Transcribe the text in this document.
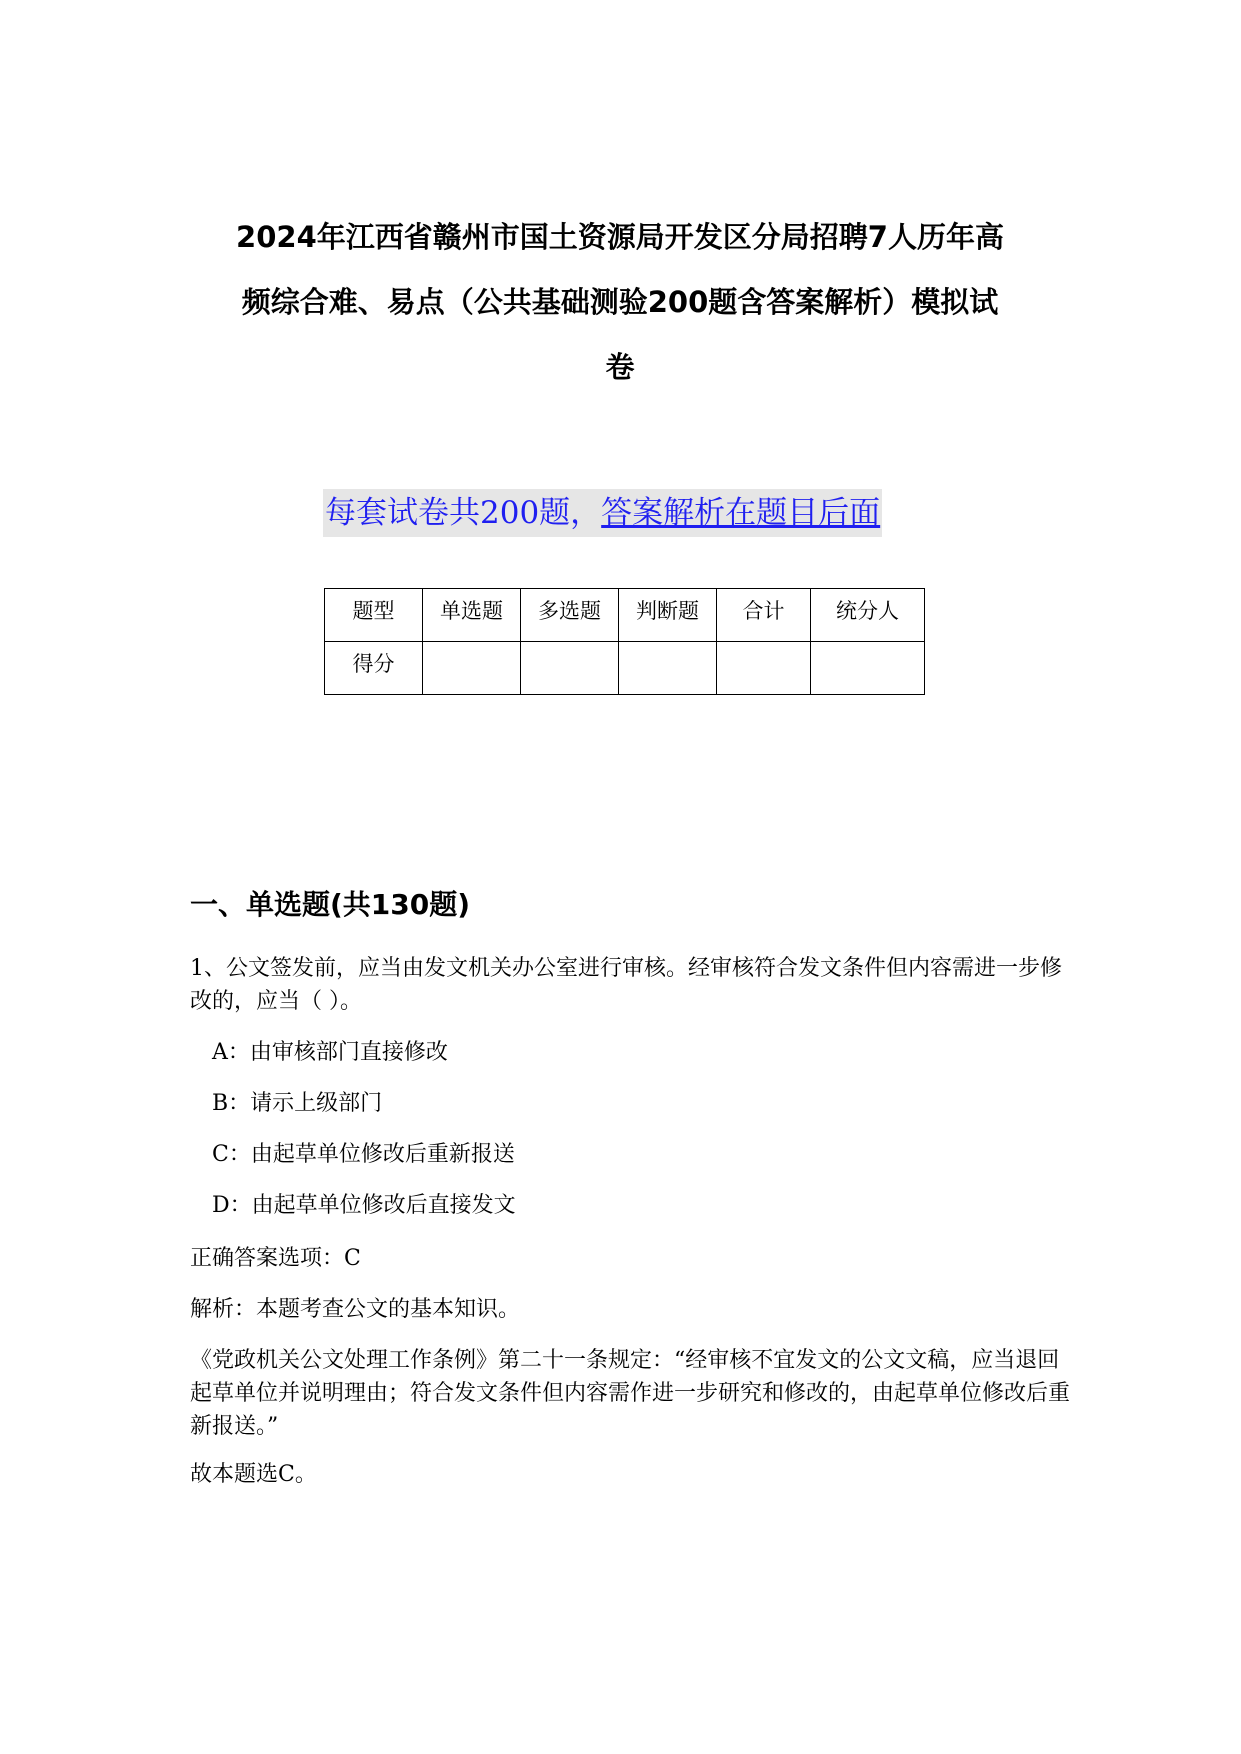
2024年江西省赣州市国土资源局开发区分局招聘7人历年高
频综合难、易点（公共基础测验200题含答案解析）模拟试
卷
每套试卷共200题，答案解析在题目后面
题型	单选题	多选题	判断题	合计	统分人
得分					
一、单选题(共130题)

1、公文签发前，应当由发文机关办公室进行审核。经审核符合发文条件但内容需进一步修改的，应当（ ）。

A：由审核部门直接修改

B：请示上级部门

C：由起草单位修改后重新报送

D：由起草单位修改后直接发文

正确答案选项：C

解析：本题考查公文的基本知识。

《党政机关公文处理工作条例》第二十一条规定：“经审核不宜发文的公文文稿，应当退回起草单位并说明理由；符合发文条件但内容需作进一步研究和修改的，由起草单位修改后重新报送。”

故本题选C。
